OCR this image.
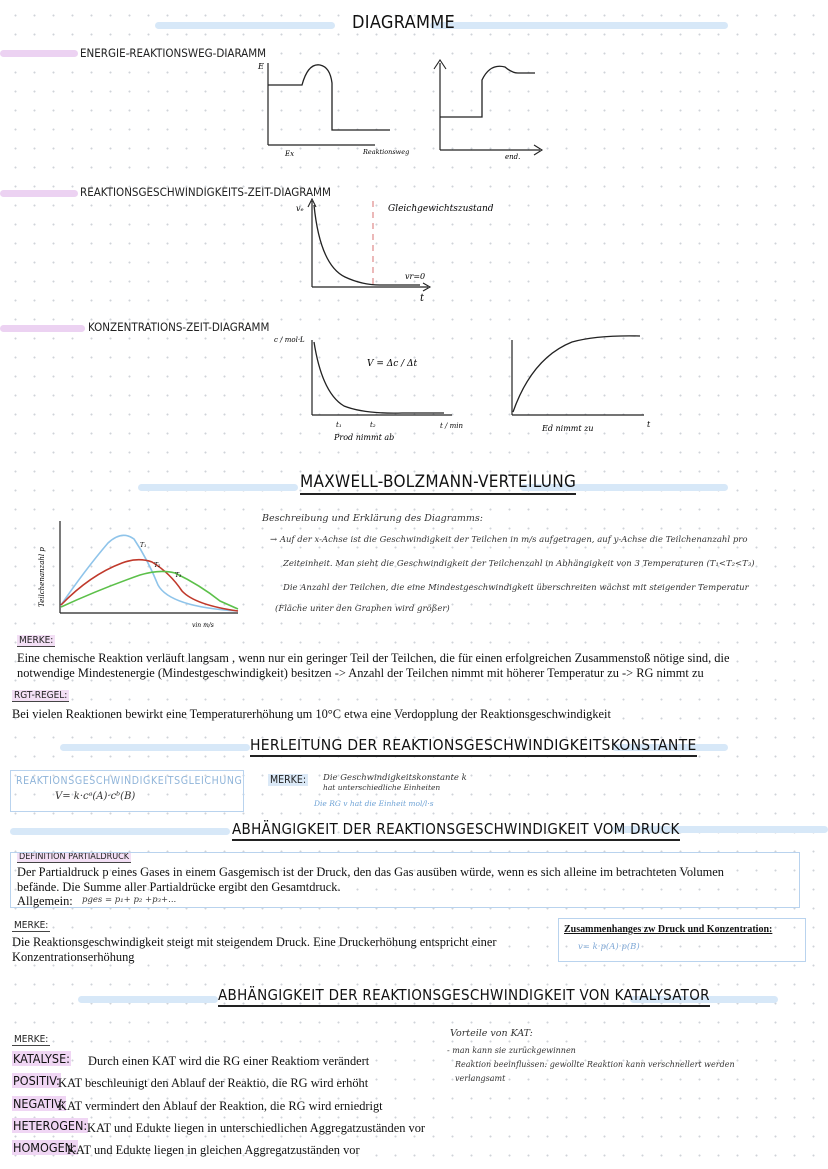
DIAGRAMME
ENERGIE-REAKTIONSWEG-DIARAMM
E
Ex	Reaktionsweg
end.
REAKTIONSGESCHWINDIGKEITS-ZEIT-DIAGRAMM
vₑ	Gleichgewichtszustand
vr=0
t
KONZENTRATIONS-ZEIT-DIAGRAMM
c / mol·L
V = Δc / Δt
t₁	t₂	t / min
Prod nimmt ab
Ed nimmt zu	t
MAXWELL-BOLZMANN-VERTEILUNG
Teilchenanzahl p
T₁
T₂
T₃
vin m/s
Beschreibung und Erklärung des Diagramms:
→ Auf der x-Achse ist die Geschwindigkeit der Teilchen in m/s aufgetragen, auf y-Achse die Teilchenanzahl pro
Zeiteinheit. Man sieht die Geschwindigkeit der Teilchenzahl in Abhängigkeit von 3 Temperaturen (T₁<T₂<T₃)
Die Anzahl der Teilchen, die eine Mindestgeschwindigkeit überschreiten wächst mit steigender Temperatur
(Fläche unter den Graphen wird größer)
MERKE:
Eine chemische Reaktion verläuft langsam , wenn nur ein geringer Teil der Teilchen, die für einen erfolgreichen Zusammenstoß nötige sind, die
notwendige Mindestenergie (Mindestgeschwindigkeit) besitzen -> Anzahl der Teilchen nimmt mit höherer Temperatur zu -> RG nimmt zu
RGT-REGEL:
Bei vielen Reaktionen bewirkt eine Temperaturerhöhung um 10°C etwa eine Verdopplung der Reaktionsgeschwindigkeit
HERLEITUNG DER REAKTIONSGESCHWINDIGKEITSKONSTANTE
REAKTIONSGESCHWINDIGKEITSGLEICHUNG
V= k·cᵃ(A)·cᵇ(B)
MERKE: Die Geschwindigkeitskonstante k
hat unterschiedliche Einheiten
Die RG v hat die Einheit mol/l·s
ABHÄNGIGKEIT DER REAKTIONSGESCHWINDIGKEIT VOM DRUCK
DEFINITION PARTIALDRUCK
Der Partialdruck p eines Gases in einem Gasgemisch ist der Druck, den das Gas ausüben würde, wenn es sich alleine im betrachteten Volumen
befände. Die Summe aller Partialdrücke ergibt den Gesamtdruck.
Allgemein: pges = p₁+ p₂ +p₃+...
MERKE:
Die Reaktionsgeschwindigkeit steigt mit steigendem Druck. Eine Druckerhöhung entspricht einer
Konzentrationserhöhung
Zusammenhanges zw Druck und Konzentration:
v= k·p(A)·p(B)
ABHÄNGIGKEIT DER REAKTIONSGESCHWINDIGKEIT VON KATALYSATOR
MERKE:
KATALYSE: Durch einen KAT wird die RG einer Reaktiom verändert
POSITIV:
KAT beschleunigt den Ablauf der Reaktio, die RG wird erhöht
NEGATIV:
KAT vermindert den Ablauf der Reaktion, die RG wird erniedrigt
HETEROGEN: KAT und Edukte liegen in unterschiedlichen Aggregatzuständen vor
HOMOGEN:
KAT und Edukte liegen in gleichen Aggregatzuständen vor
Vorteile von KAT:
- man kann sie zurückgewinnen
Reaktion beeinflussen: gewollte Reaktion kann verschnellert werden
verlangsamt
